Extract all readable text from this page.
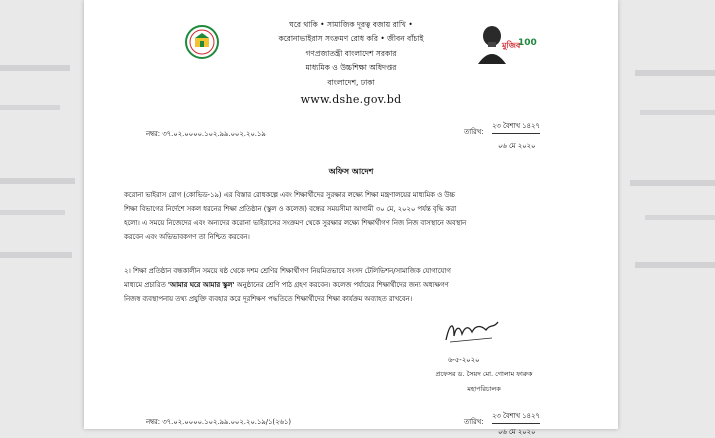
মুজিব
100
ঘরে থাকি • সামাজিক দূরত্ব বজায় রাখি •
করোনাভাইরাস সংক্রমণ রোধ করি • জীবন বাঁচাই
গণপ্রজাতন্ত্রী বাংলাদেশ সরকার
মাধ্যমিক ও উচ্চশিক্ষা অধিদপ্তর
বাংলাদেশ, ঢাকা
www.dshe.gov.bd
নম্বর: ৩৭.০২.০০০০.১০২.৯৯.০০২.২০.১৯	তারিখ:
২৩ বৈশাখ ১৪২৭
০৬ মে ২০২০
অফিস আদেশ
করোনা ভাইরাস রোগ (কোভিড-১৯) এর বিস্তার রোধকল্পে এবং শিক্ষার্থীদের সুরক্ষার লক্ষ্যে শিক্ষা মন্ত্রণালয়ের মাধ্যমিক ও উচ্চ
শিক্ষা বিভাগের নির্দেশে সকল ধরনের শিক্ষা প্রতিষ্ঠান (স্কুল ও কলেজ) বন্ধের সময়সীমা আগামী ৩০ মে, ২০২০ পর্যন্ত বৃদ্ধি করা
হলো। এ সময়ে নিজেদের এবং অন্যদের করোনা ভাইরাসের সংক্রমণ থেকে সুরক্ষার লক্ষ্যে শিক্ষার্থীগণ নিজ নিজ বাসস্থানে অবস্থান
করবেন এবং অভিভাবকগণ তা নিশ্চিত করবেন।
২। শিক্ষা প্রতিষ্ঠান বন্ধকালীন সময়ে ষষ্ঠ থেকে দশম শ্রেণির শিক্ষার্থীগণ নিয়মিতভাবে সংসদ টেলিভিশন/সামাজিক যোগাযোগ
মাধ্যমে প্রচারিত 'আমার ঘরে আমার স্কুল' অনুষ্ঠানের শ্রেণি পাঠ গ্রহণ করবেন। কলেজ পর্যায়ের শিক্ষার্থীদের জন্য অধ্যক্ষগণ
নিজস্ব ব্যবস্থাপনায় তথ্য প্রযুক্তি ব্যবহার করে দূরশিক্ষণ পদ্ধতিতে শিক্ষার্থীদের শিক্ষা কার্যক্রম অব্যাহত রাখবেন।
৬-৫-২০২০
প্রফেসর ড. সৈয়দ মো. গোলাম ফারুক
মহাপরিচালক
নম্বর: ৩৭.০২.০০০০.১০২.৯৯.০০২.২০.১৯/১(২৬১)	তারিখ:
২৩ বৈশাখ ১৪২৭
০৬ মে ২০২০
